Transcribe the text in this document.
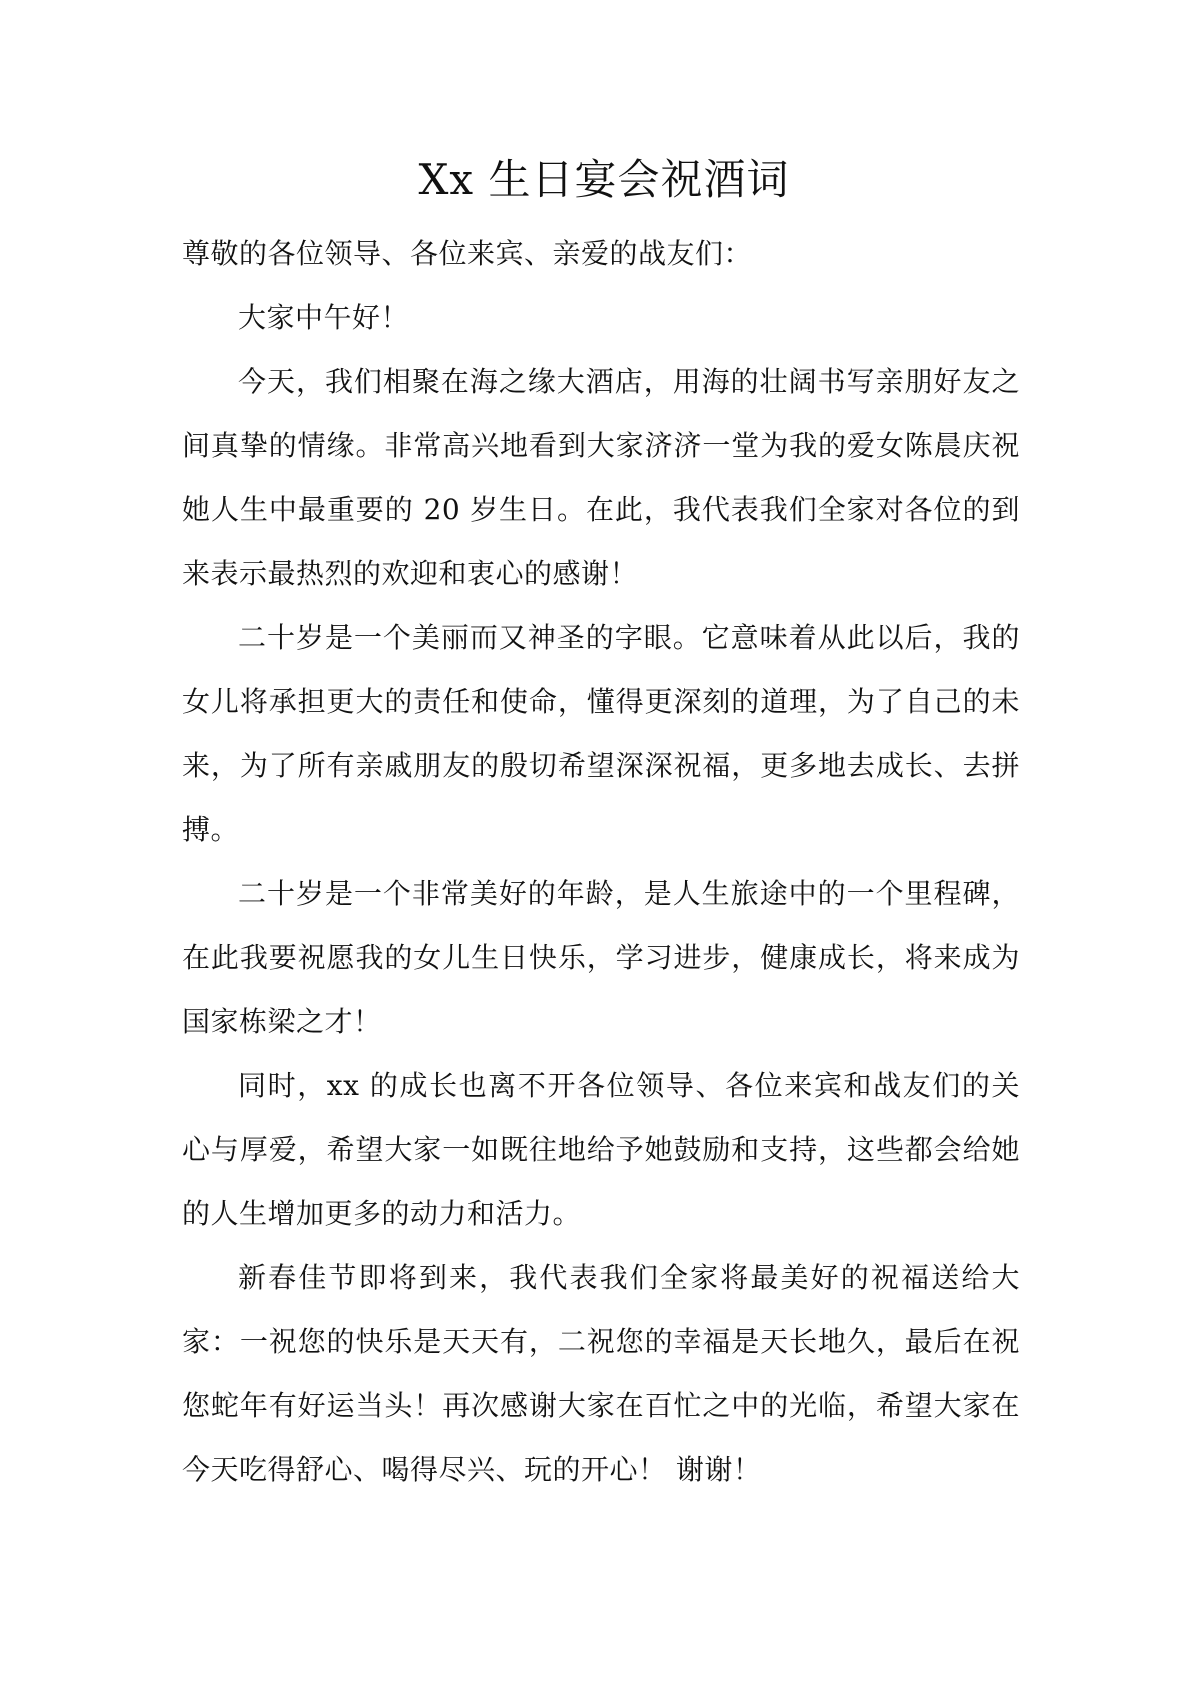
Xx 生日宴会祝酒词

尊敬的各位领导、各位来宾、亲爱的战友们：

大家中午好！

今天，我们相聚在海之缘大酒店，用海的壮阔书写亲朋好友之间真挚的情缘。非常高兴地看到大家济济一堂为我的爱女陈晨庆祝她人生中最重要的 20 岁生日。在此，我代表我们全家对各位的到来表示最热烈的欢迎和衷心的感谢！

二十岁是一个美丽而又神圣的字眼。它意味着从此以后，我的女儿将承担更大的责任和使命，懂得更深刻的道理，为了自己的未来，为了所有亲戚朋友的殷切希望深深祝福，更多地去成长、去拼搏。

二十岁是一个非常美好的年龄，是人生旅途中的一个里程碑，在此我要祝愿我的女儿生日快乐，学习进步，健康成长，将来成为国家栋梁之才！

同时，xx 的成长也离不开各位领导、各位来宾和战友们的关心与厚爱，希望大家一如既往地给予她鼓励和支持，这些都会给她的人生增加更多的动力和活力。

新春佳节即将到来，我代表我们全家将最美好的祝福送给大家：一祝您的快乐是天天有，二祝您的幸福是天长地久，最后在祝您蛇年有好运当头！再次感谢大家在百忙之中的光临，希望大家在今天吃得舒心、喝得尽兴、玩的开心！ 谢谢！
